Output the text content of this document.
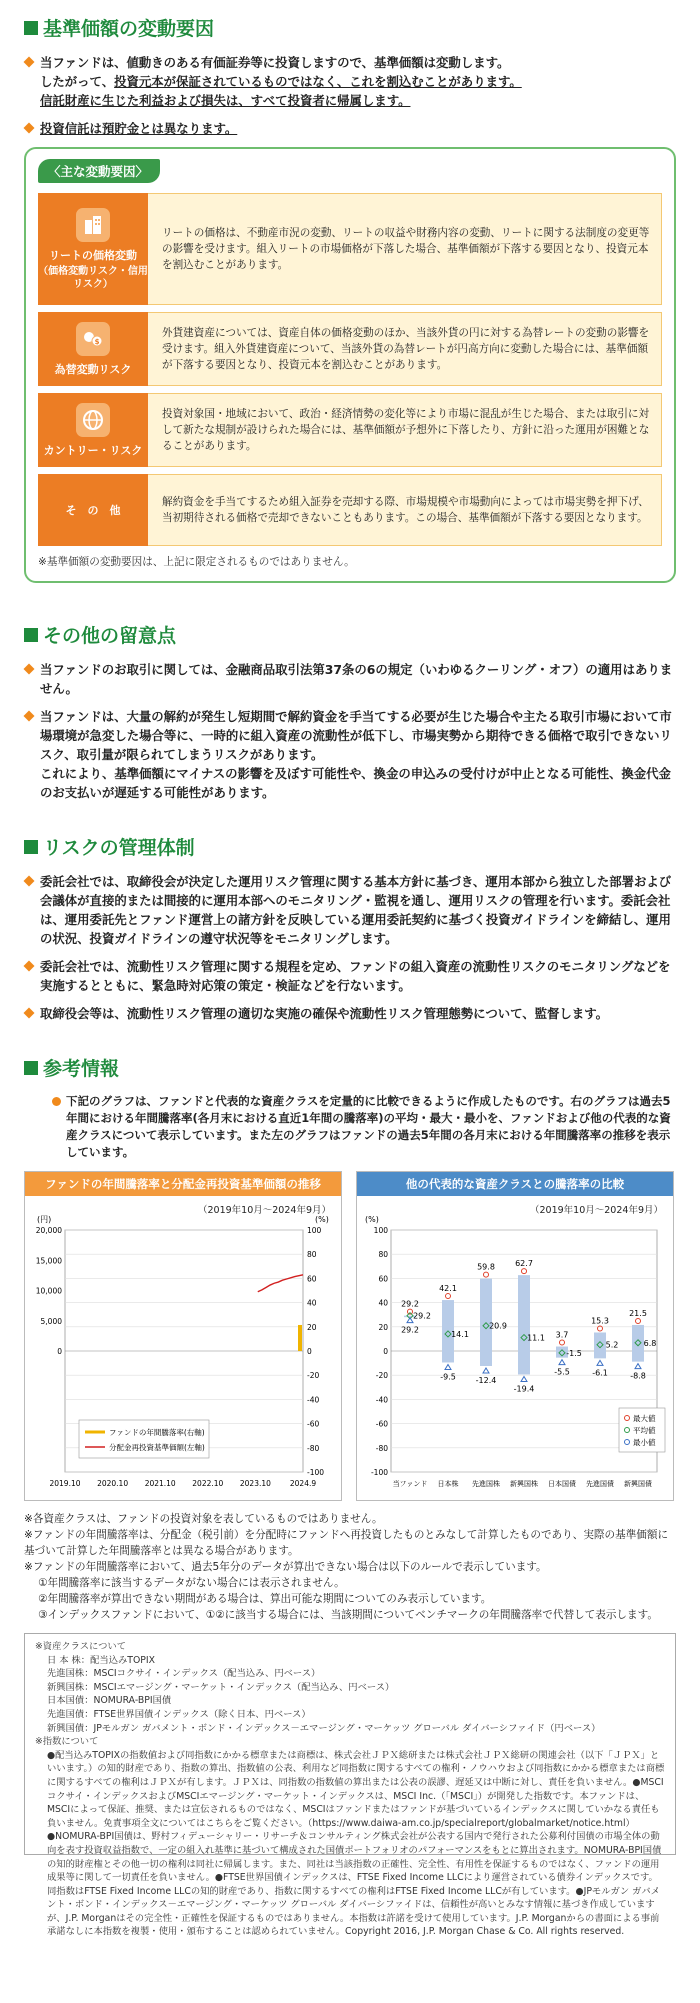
基準価額の変動要因
当ファンドは、値動きのある有価証券等に投資しますので、基準価額は変動します。
したがって、投資元本が保証されているものではなく、これを割込むことがあります。
信託財産に生じた利益および損失は、すべて投資者に帰属します。
投資信託は預貯金とは異なります。
〈主な変動要因〉
リートの価格変動
（価格変動リスク・信用リスク）
リートの価格は、不動産市況の変動、リートの収益や財務内容の変動、リートに関する法制度の変更等の影響を受けます。組入リートの市場価格が下落した場合、基準価額が下落する要因となり、投資元本を割込むことがあります。
$
為替変動リスク
外貨建資産については、資産自体の価格変動のほか、当該外貨の円に対する為替レートの変動の影響を受けます。組入外貨建資産について、当該外貨の為替レートが円高方向に変動した場合には、基準価額が下落する要因となり、投資元本を割込むことがあります。
カントリー・リスク
投資対象国・地域において、政治・経済情勢の変化等により市場に混乱が生じた場合、または取引に対して新たな規制が設けられた場合には、基準価額が予想外に下落したり、方針に沿った運用が困難となることがあります。
そ　の　他
解約資金を手当てするため組入証券を売却する際、市場規模や市場動向によっては市場実勢を押下げ、当初期待される価格で売却できないこともあります。この場合、基準価額が下落する要因となります。
※基準価額の変動要因は、上記に限定されるものではありません。
その他の留意点
当ファンドのお取引に関しては、金融商品取引法第37条の6の規定（いわゆるクーリング・オフ）の適用はありません。
当ファンドは、大量の解約が発生し短期間で解約資金を手当てする必要が生じた場合や主たる取引市場において市場環境が急変した場合等に、一時的に組入資産の流動性が低下し、市場実勢から期待できる価格で取引できないリスク、取引量が限られてしまうリスクがあります。
これにより、基準価額にマイナスの影響を及ぼす可能性や、換金の申込みの受付けが中止となる可能性、換金代金のお支払いが遅延する可能性があります。
リスクの管理体制
委託会社では、取締役会が決定した運用リスク管理に関する基本方針に基づき、運用本部から独立した部署および会議体が直接的または間接的に運用本部へのモニタリング・監視を通し、運用リスクの管理を行います。委託会社は、運用委託先とファンド運営上の諸方針を反映している運用委託契約に基づく投資ガイドラインを締結し、運用の状況、投資ガイドラインの遵守状況等をモニタリングします。
委託会社では、流動性リスク管理に関する規程を定め、ファンドの組入資産の流動性リスクのモニタリングなどを実施するとともに、緊急時対応策の策定・検証などを行ないます。
取締役会等は、流動性リスク管理の適切な実施の確保や流動性リスク管理態勢について、監督します。
参考情報
下記のグラフは、ファンドと代表的な資産クラスを定量的に比較できるように作成したものです。右のグラフは過去5年間における年間騰落率(各月末における直近1年間の騰落率)の平均・最大・最小を、ファンドおよび他の代表的な資産クラスについて表示しています。また左のグラフはファンドの過去5年間の各月末における年間騰落率の推移を表示しています。
ファンドの年間騰落率と分配金再投資基準価額の推移
（2019年10月～2024年9月）
(円)	(%)
100
80
60
40
20
0
-20
-40
-60
-80
-100
20,000
15,000
10,000
5,000
0
2019.10 2020.10 2021.10 2022.10 2023.10	2024.9
ファンドの年間騰落率(右軸)
分配金再投資基準価額(左軸)
他の代表的な資産クラスとの騰落率の比較
（2019年10月～2024年9月）
(%)
100
80
60
40
20
0
-20
-40
-60
-80
-100
29.2
29.2
29.2
当ファンド
42.1
14.1
-9.5
日本株
59.8
20.9
-12.4
先進国株
62.7
11.1
-19.4
新興国株
3.7
-1.5
-5.5
日本国債
15.3
5.2
-6.1
先進国債
21.5
6.8
-8.8
新興国債
最大値
平均値
最小値

※各資産クラスは、ファンドの投資対象を表しているものではありません。

※ファンドの年間騰落率は、分配金（税引前）を分配時にファンドへ再投資したものとみなして計算したものであり、実際の基準価額に基づいて計算した年間騰落率とは異なる場合があります。

※ファンドの年間騰落率において、過去5年分のデータが算出できない場合は以下のルールで表示しています。

①年間騰落率に該当するデータがない場合には表示されません。

②年間騰落率が算出できない期間がある場合は、算出可能な期間についてのみ表示しています。

③インデックスファンドにおいて、①②に該当する場合には、当該期間についてベンチマークの年間騰落率で代替して表示します。

※資産クラスについて
日 本 株：配当込みTOPIX
先進国株：MSCIコクサイ・インデックス（配当込み、円ベース）
新興国株：MSCIエマージング・マーケット・インデックス（配当込み、円ベース）
日本国債：NOMURA-BPI国債
先進国債：FTSE世界国債インデックス（除く日本、円ベース）
新興国債：JPモルガン ガバメント・ボンド・インデックス－エマージング・マーケッツ グローバル ダイバーシファイド（円ベース）
※指数について
●配当込みTOPIXの指数値および同指数にかかる標章または商標は、株式会社ＪＰＸ総研または株式会社ＪＰＸ総研の関連会社（以下「ＪＰＸ」といいます。）の知的財産であり、指数の算出、指数値の公表、利用など同指数に関するすべての権利・ノウハウおよび同指数にかかる標章または商標に関するすべての権利はＪＰＸが有します。ＪＰＸは、同指数の指数値の算出または公表の誤謬、遅延又は中断に対し、責任を負いません。●MSCIコクサイ・インデックスおよびMSCIエマージング・マーケット・インデックスは、MSCI Inc.（「MSCI」）が開発した指数です。本ファンドは、MSCIによって保証、推奨、または宣伝されるものではなく、MSCIはファンドまたはファンドが基づいているインデックスに関していかなる責任も負いません。免責事項全文についてはこちらをご覧ください。（https://www.daiwa-am.co.jp/specialreport/globalmarket/notice.html）●NOMURA-BPI国債は、野村フィデューシャリー・リサーチ＆コンサルティング株式会社が公表する国内で発行された公募利付国債の市場全体の動向を表す投資収益指数で、一定の組入れ基準に基づいて構成された国債ポートフォリオのパフォーマンスをもとに算出されます。NOMURA-BPI国債の知的財産権とその他一切の権利は同社に帰属します。また、同社は当該指数の正確性、完全性、有用性を保証するものではなく、ファンドの運用成果等に関して一切責任を負いません。●FTSE世界国債インデックスは、FTSE Fixed Income LLCにより運営されている債券インデックスです。同指数はFTSE Fixed Income LLCの知的財産であり、指数に関するすべての権利はFTSE Fixed Income LLCが有しています。●JPモルガン ガバメント・ボンド・インデックス－エマージング・マーケッツ グローバル ダイバーシファイドは、信頼性が高いとみなす情報に基づき作成していますが、J.P. Morganはその完全性・正確性を保証するものではありません。本指数は許諾を受けて使用しています。J.P. Morganからの書面による事前承諾なしに本指数を複製・使用・頒布することは認められていません。Copyright 2016, J.P. Morgan Chase & Co. All rights reserved.
